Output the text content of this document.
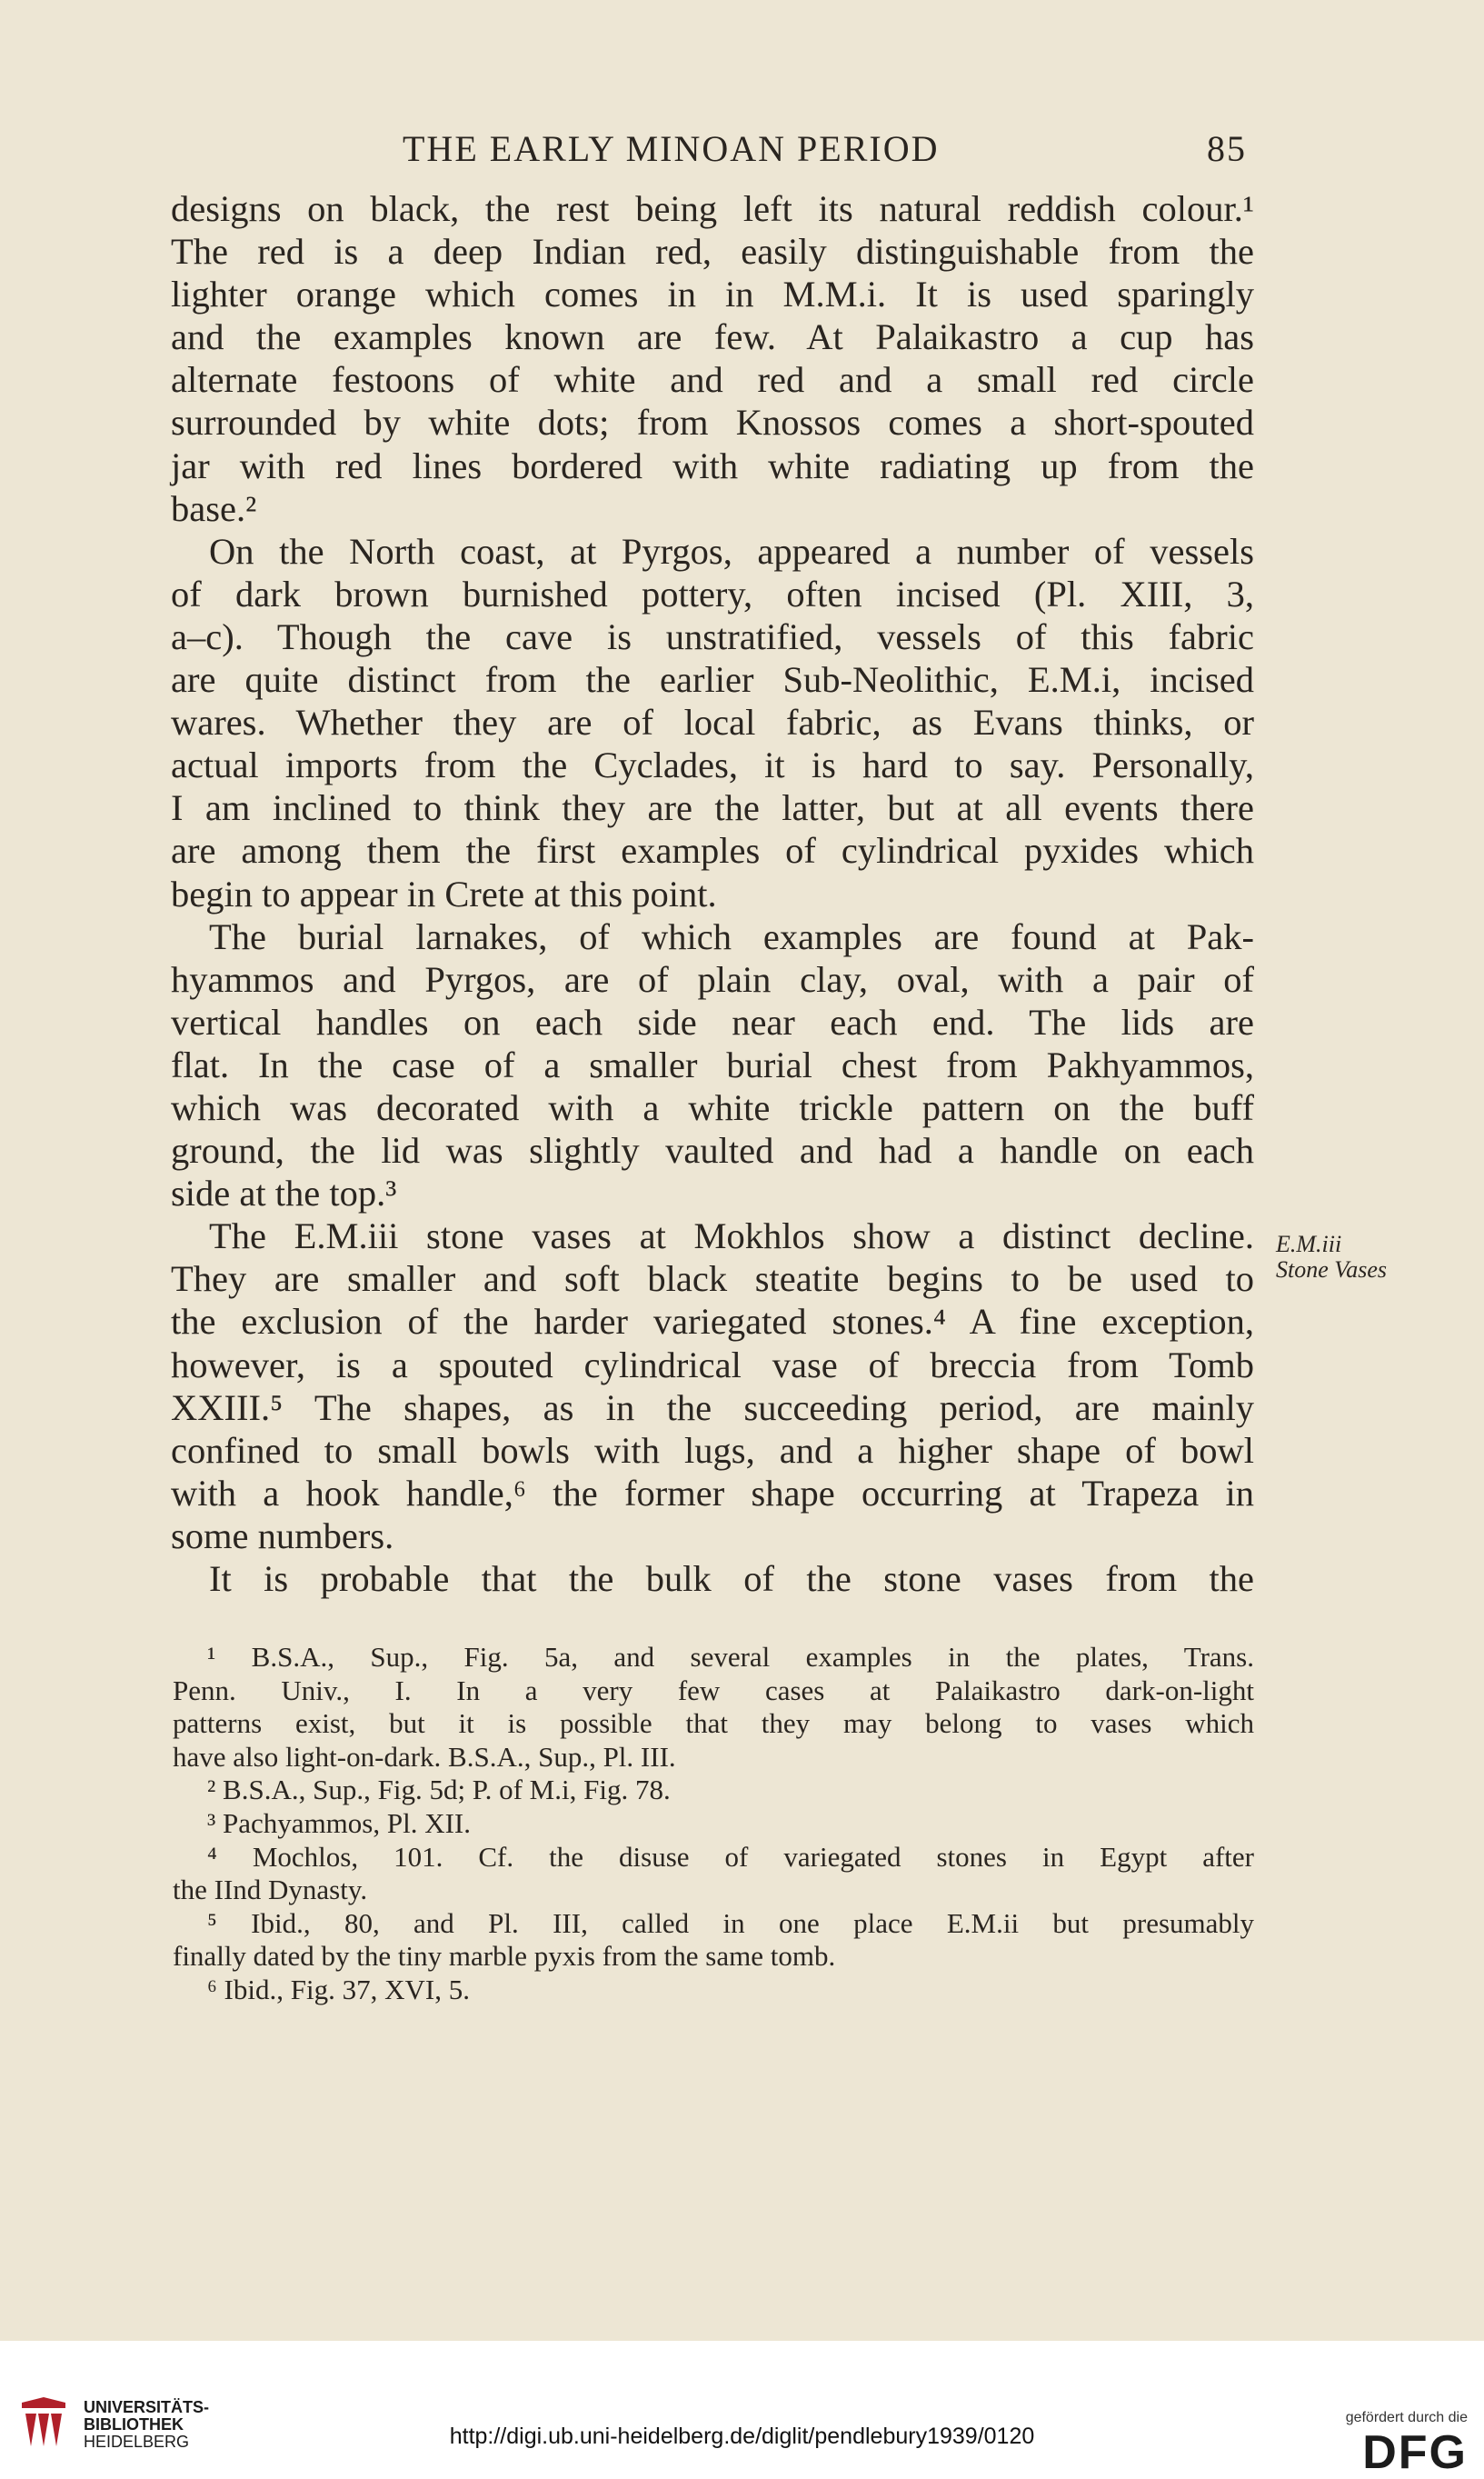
THE EARLY MINOAN PERIOD	85
designs on black, the rest being left its natural reddish colour.¹
The red is a deep Indian red, easily distinguishable from the
lighter orange which comes in in M.M.i. It is used sparingly
and the examples known are few. At Palaikastro a cup has
alternate festoons of white and red and a small red circle
surrounded by white dots; from Knossos comes a short-spouted
jar with red lines bordered with white radiating up from the
base.²
On the North coast, at Pyrgos, appeared a number of vessels
of dark brown burnished pottery, often incised (Pl. XIII, 3,
a–c). Though the cave is unstratified, vessels of this fabric
are quite distinct from the earlier Sub-Neolithic, E.M.i, incised
wares. Whether they are of local fabric, as Evans thinks, or
actual imports from the Cyclades, it is hard to say. Personally,
I am inclined to think they are the latter, but at all events there
are among them the first examples of cylindrical pyxides which
begin to appear in Crete at this point.
The burial larnakes, of which examples are found at Pak-
hyammos and Pyrgos, are of plain clay, oval, with a pair of
vertical handles on each side near each end. The lids are
flat. In the case of a smaller burial chest from Pakhyammos,
which was decorated with a white trickle pattern on the buff
ground, the lid was slightly vaulted and had a handle on each
side at the top.³
The E.M.iii stone vases at Mokhlos show a distinct decline.
They are smaller and soft black steatite begins to be used to
the exclusion of the harder variegated stones.⁴ A fine exception,
however, is a spouted cylindrical vase of breccia from Tomb
XXIII.⁵ The shapes, as in the succeeding period, are mainly
confined to small bowls with lugs, and a higher shape of bowl
with a hook handle,⁶ the former shape occurring at Trapeza in
some numbers.
It is probable that the bulk of the stone vases from the
E.M.iii
Stone Vases
¹ B.S.A., Sup., Fig. 5a, and several examples in the plates, Trans.
Penn. Univ., I. In a very few cases at Palaikastro dark-on-light
patterns exist, but it is possible that they may belong to vases which
have also light-on-dark. B.S.A., Sup., Pl. III.
² B.S.A., Sup., Fig. 5d; P. of M.i, Fig. 78.
³ Pachyammos, Pl. XII.
⁴ Mochlos, 101. Cf. the disuse of variegated stones in Egypt after
the IInd Dynasty.
⁵ Ibid., 80, and Pl. III, called in one place E.M.ii but presumably
finally dated by the tiny marble pyxis from the same tomb.
⁶ Ibid., Fig. 37, XVI, 5.
UNIVERSITÄTS-
BIBLIOTHEK
HEIDELBERG	http://digi.ub.uni-heidelberg.de/diglit/pendlebury1939/0120
gefördert durch die
DFG
